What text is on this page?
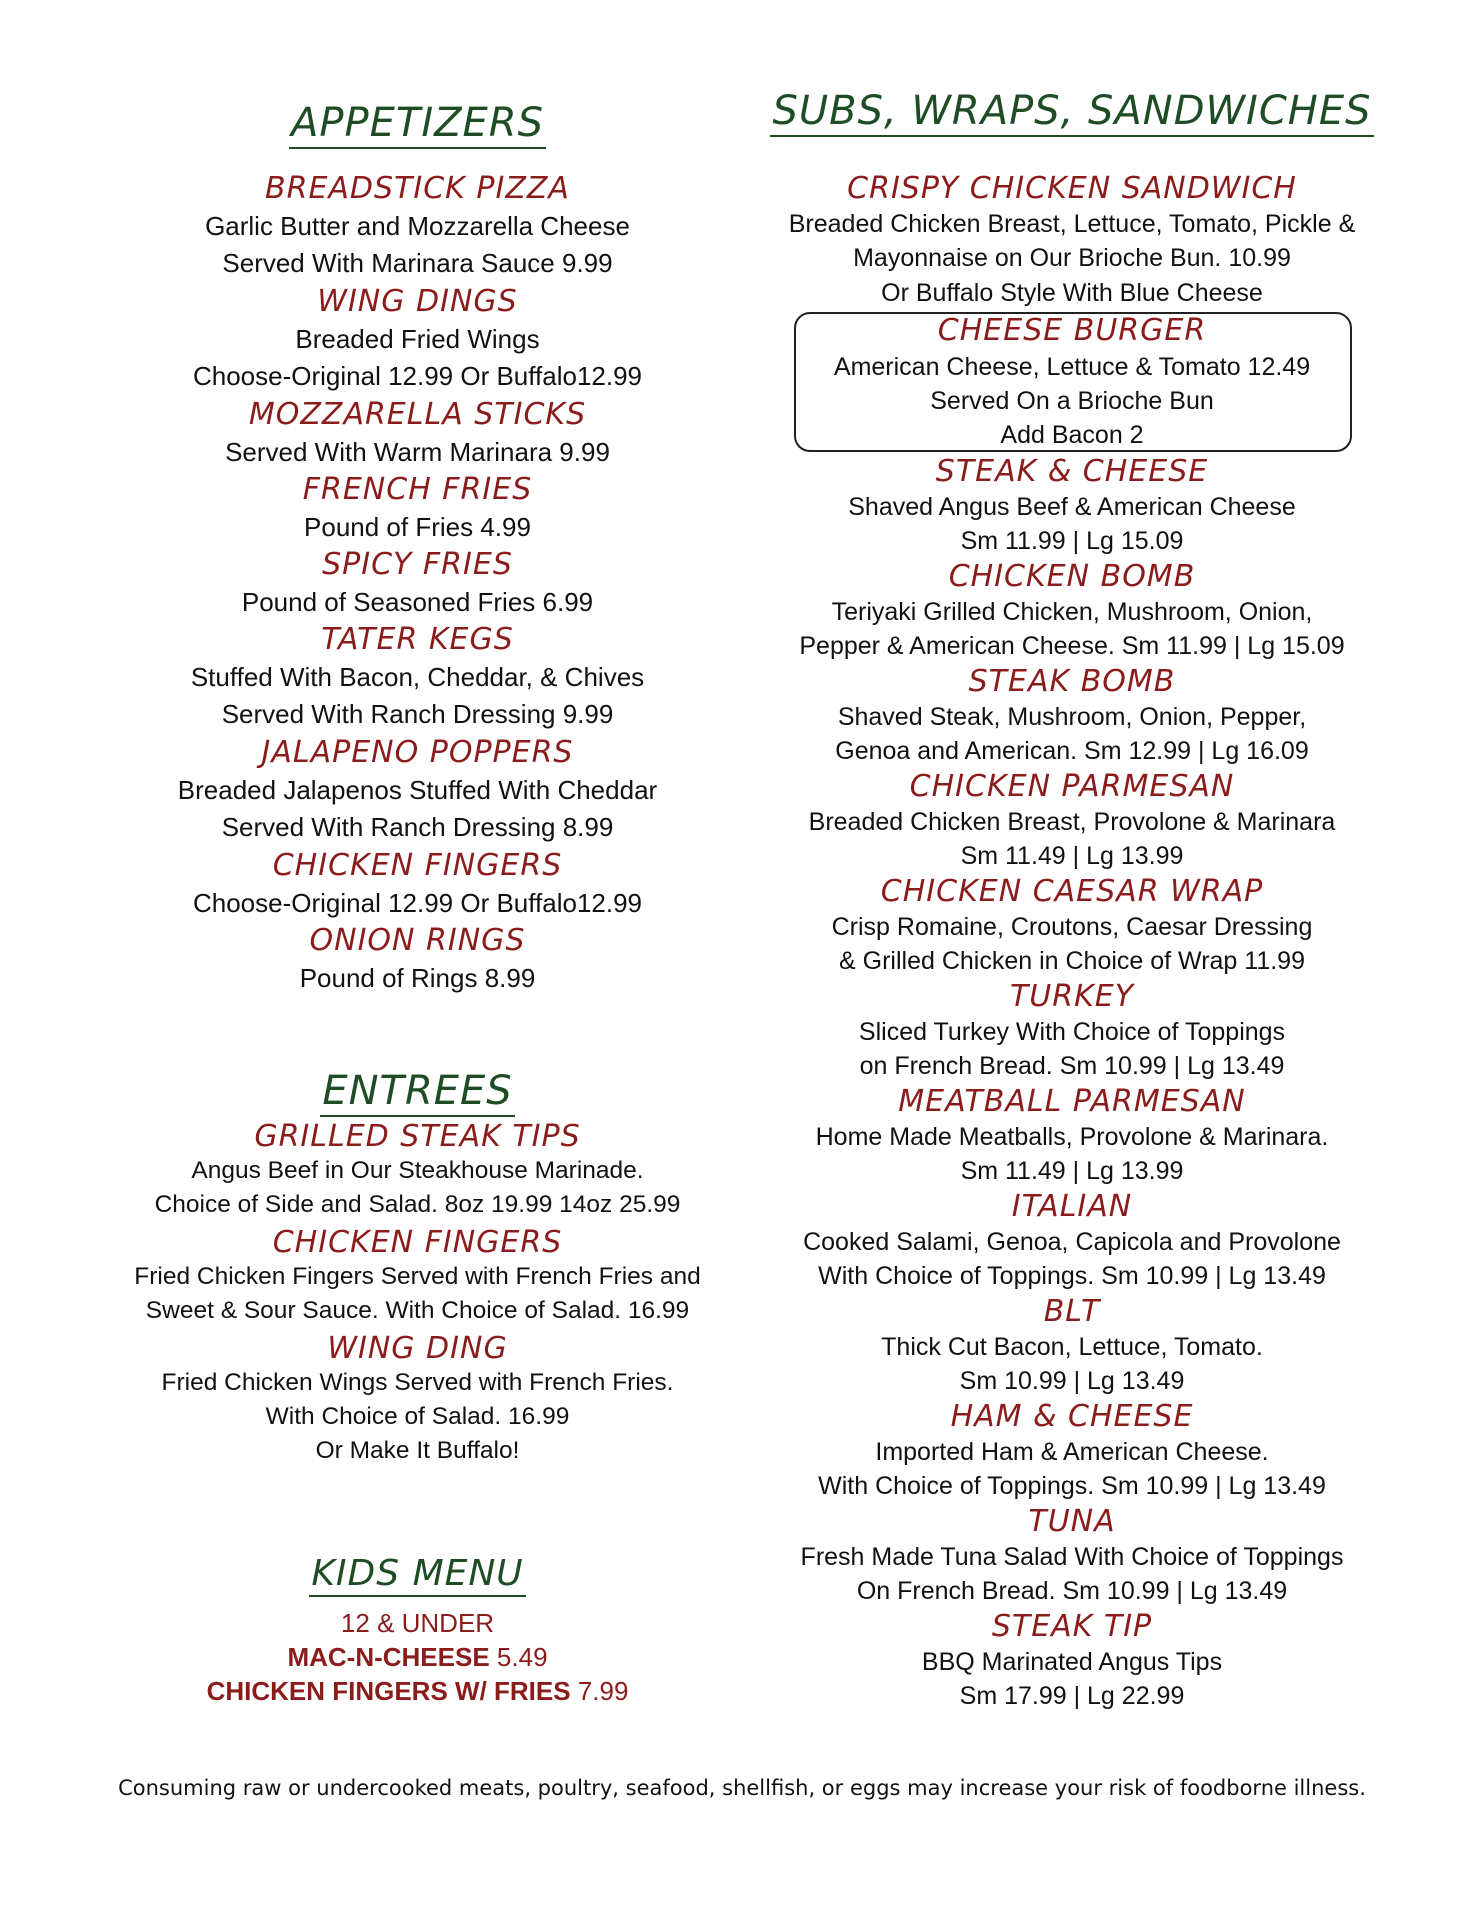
APPETIZERS
BREADSTICK PIZZA
Garlic Butter and Mozzarella Cheese
Served With Marinara Sauce 9.99
WING DINGS
Breaded Fried Wings
Choose-Original 12.99 Or Buffalo12.99
MOZZARELLA STICKS
Served With Warm Marinara 9.99
FRENCH FRIES
Pound of Fries 4.99
SPICY FRIES
Pound of Seasoned Fries 6.99
TATER KEGS
Stuffed With Bacon, Cheddar, & Chives
Served With Ranch Dressing 9.99
JALAPENO POPPERS
Breaded Jalapenos Stuffed With Cheddar
Served With Ranch Dressing 8.99
CHICKEN FINGERS
Choose-Original 12.99 Or Buffalo12.99
ONION RINGS
Pound of Rings 8.99
ENTREES
GRILLED STEAK TIPS
Angus Beef in Our Steakhouse Marinade.
Choice of Side and Salad. 8oz 19.99 14oz 25.99
CHICKEN FINGERS
Fried Chicken Fingers Served with French Fries and
Sweet & Sour Sauce. With Choice of Salad. 16.99
WING DING
Fried Chicken Wings Served with French Fries.
With Choice of Salad. 16.99
Or Make It Buffalo!
KIDS MENU
12 & UNDER
MAC-N-CHEESE 5.49
CHICKEN FINGERS W/ FRIES 7.99
SUBS, WRAPS, SANDWICHES
CRISPY CHICKEN SANDWICH
Breaded Chicken Breast, Lettuce, Tomato, Pickle &
Mayonnaise on Our Brioche Bun. 10.99
Or Buffalo Style With Blue Cheese
CHEESE BURGER
American Cheese, Lettuce & Tomato 12.49
Served On a Brioche Bun
Add Bacon 2
STEAK & CHEESE
Shaved Angus Beef & American Cheese
Sm 11.99 | Lg 15.09
CHICKEN BOMB
Teriyaki Grilled Chicken, Mushroom, Onion,
Pepper & American Cheese. Sm 11.99 | Lg 15.09
STEAK BOMB
Shaved Steak, Mushroom, Onion, Pepper,
Genoa and American. Sm 12.99 | Lg 16.09
CHICKEN PARMESAN
Breaded Chicken Breast, Provolone & Marinara
Sm 11.49 | Lg 13.99
CHICKEN CAESAR WRAP
Crisp Romaine, Croutons, Caesar Dressing
& Grilled Chicken in Choice of Wrap 11.99
TURKEY
Sliced Turkey With Choice of Toppings
on French Bread. Sm 10.99 | Lg 13.49
MEATBALL PARMESAN
Home Made Meatballs, Provolone & Marinara.
Sm 11.49 | Lg 13.99
ITALIAN
Cooked Salami, Genoa, Capicola and Provolone
With Choice of Toppings. Sm 10.99 | Lg 13.49
BLT
Thick Cut Bacon, Lettuce, Tomato.
Sm 10.99 | Lg 13.49
HAM & CHEESE
Imported Ham & American Cheese.
With Choice of Toppings. Sm 10.99 | Lg 13.49
TUNA
Fresh Made Tuna Salad With Choice of Toppings
On French Bread. Sm 10.99 | Lg 13.49
STEAK TIP
BBQ Marinated Angus Tips
Sm 17.99 | Lg 22.99
Consuming raw or undercooked meats, poultry, seafood, shellfish, or eggs may increase your risk of foodborne illness.
